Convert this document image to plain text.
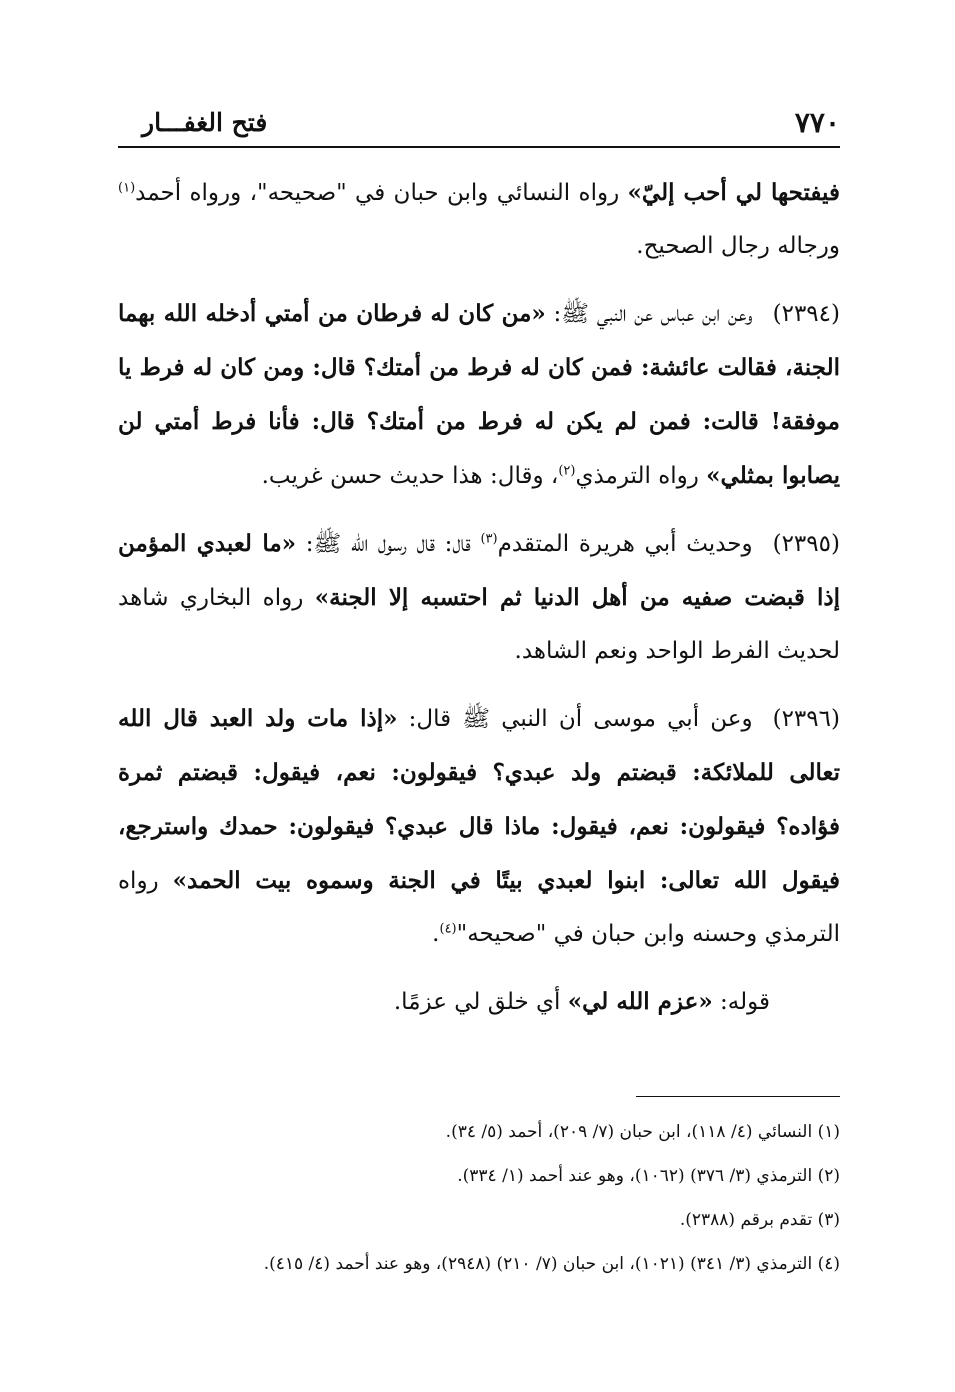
٧٧٠
فتح الغفـــار

فيفتحها لي أحب إليّ» رواه النسائي وابن حبان في "صحيحه"، ورواه أحمد$^{(١)}$ ورجاله رجال الصحيح.

(٢٣٩٤)وعن ابن عباس عن النبي ﷺ: «من كان له فرطان من أمتي أدخله الله بهما الجنة، فقالت عائشة: فمن كان له فرط من أمتك؟ قال: ومن كان له فرط يا موفقة! قالت: فمن لم يكن له فرط من أمتك؟ قال: فأنا فرط أمتي لن يصابوا بمثلي» رواه الترمذي$^{(٢)}$، وقال: هذا حديث حسن غريب.

(٢٣٩٥)وحديث أبي هريرة المتقدم$^{(٣)}$ قال: قال رسول الله ﷺ: «ما لعبدي المؤمن إذا قبضت صفيه من أهل الدنيا ثم احتسبه إلا الجنة» رواه البخاري شاهد لحديث الفرط الواحد ونعم الشاهد.

(٢٣٩٦)وعن أبي موسى أن النبي ﷺ قال: «إذا مات ولد العبد قال الله تعالى للملائكة: قبضتم ولد عبدي؟ فيقولون: نعم، فيقول: قبضتم ثمرة فؤاده؟ فيقولون: نعم، فيقول: ماذا قال عبدي؟ فيقولون: حمدك واسترجع، فيقول الله تعالى: ابنوا لعبدي بيتًا في الجنة وسموه بيت الحمد» رواه الترمذي وحسنه وابن حبان في "صحيحه"$^{(٤)}$.

قوله: «عزم الله لي» أي خلق لي عزمًا.

(١) النسائي (٤/ ١١٨)، ابن حبان (٧/ ٢٠٩)، أحمد (٥/ ٣٤).
(٢) الترمذي (٣/ ٣٧٦) (١٠٦٢)، وهو عند أحمد (١/ ٣٣٤).
(٣) تقدم برقم (٢٣٨٨).
(٤) الترمذي (٣/ ٣٤١) (١٠٢١)، ابن حبان (٧/ ٢١٠) (٢٩٤٨)، وهو عند أحمد (٤/ ٤١٥).
